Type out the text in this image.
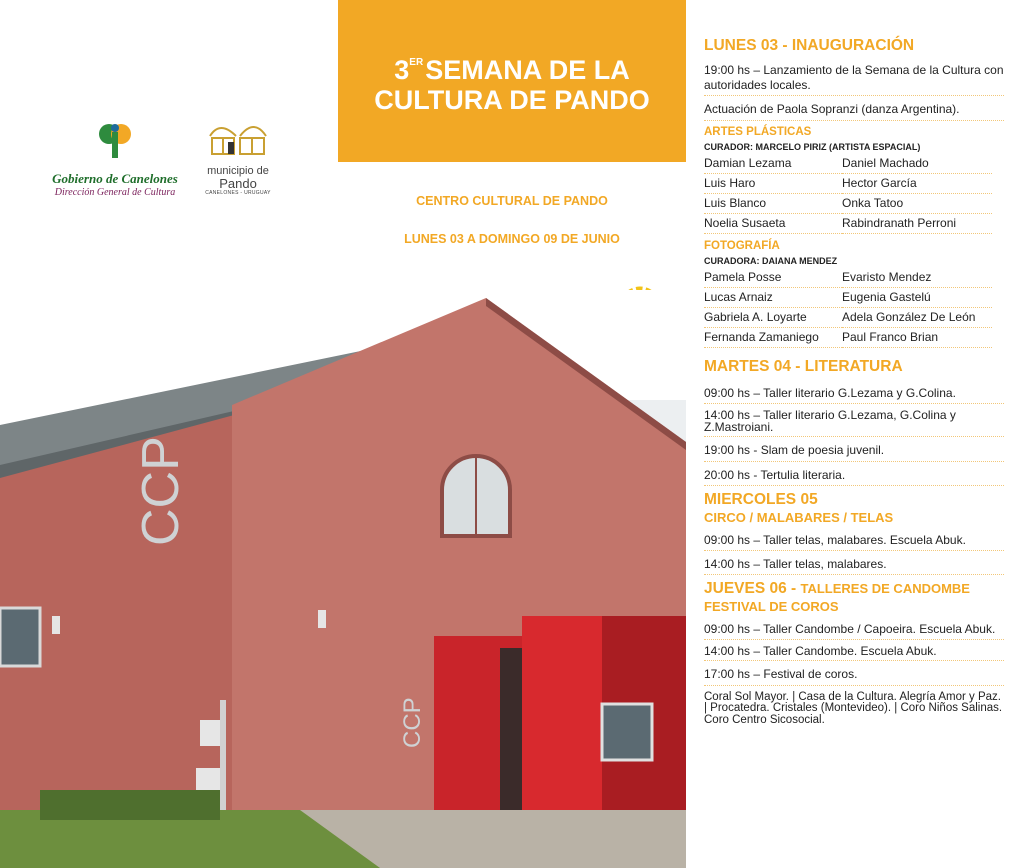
3ERSEMANA DE LA
CULTURA DE PANDO
Gobierno de Canelones
Dirección General de Cultura
municipio de
Pando
CANELONES - URUGUAY
CENTRO CULTURAL DE PANDO
LUNES 03 A DOMINGO 09 DE JUNIO
CCP
CCP
LUNES 03 - INAUGURACIÓN
19:00 hs – Lanzamiento de la Semana de la Cultura con autoridades locales.
Actuación de Paola Sopranzi (danza Argentina).
ARTES PLÁSTICAS
CURADOR: MARCELO PIRIZ (ARTISTA ESPACIAL)
Damian Lezama	Daniel Machado
Luis Haro	Hector García
Luis Blanco	Onka Tatoo
Noelia Susaeta	Rabindranath Perroni
FOTOGRAFÍA
CURADORA: DAIANA MENDEZ
Pamela Posse	Evaristo Mendez
Lucas Arnaiz	Eugenia Gastelú
Gabriela A. Loyarte	Adela González De León
Fernanda Zamaniego	Paul Franco Brian
MARTES 04 - LITERATURA
09:00 hs – Taller literario G.Lezama y G.Colina.
14:00 hs – Taller literario G.Lezama, G.Colina y Z.Mastroiani.
19:00 hs - Slam de poesia juvenil.
20:00 hs - Tertulia literaria.
MIERCOLES 05
CIRCO / MALABARES / TELAS
09:00 hs – Taller telas, malabares. Escuela Abuk.
14:00 hs – Taller telas, malabares.
JUEVES 06 - TALLERES DE CANDOMBE
FESTIVAL DE COROS
09:00 hs – Taller Candombe / Capoeira. Escuela Abuk.
14:00 hs – Taller Candombe. Escuela Abuk.
17:00 hs – Festival de coros.
Coral Sol Mayor. | Casa de la Cultura. Alegría Amor y Paz. | Procatedra. Cristales (Montevideo). | Coro Niños Salinas. Coro Centro Sicosocial.
